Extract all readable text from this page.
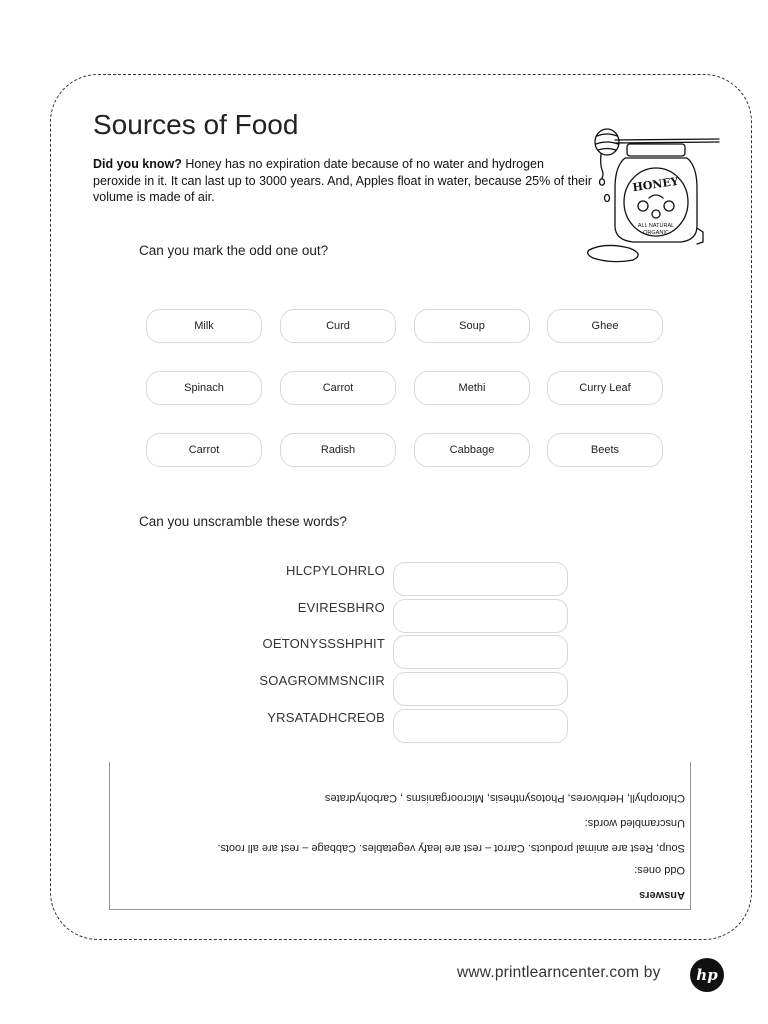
Sources of Food

Did you know? Honey has no expiration date because of no water and hydrogen peroxide in it. It can last up to 3000 years. And, Apples float in water, because 25% of their volume is made of air.

HONEY
ALL NATURAL
ORGANIC
Can you mark the odd one out?
Milk	Curd	Soup	Ghee
Spinach	Carrot	Methi	Curry Leaf
Carrot	Radish	Cabbage	Beets
Can you unscramble these words?
HLCPYLOHRLO
EVIRESBHRO
OETONYSSSHPHIT
SOAGROMMSNCIIR
YRSATADHCREOB
Answers
Odd ones:
Soup, Rest are animal products. Carrot – rest are leafy vegetables. Cabbage – rest are all roots.
Unscrambled words:
Chlorophyll, Herbivores, Photosynthesis, Microorganisms , Carbohydrates
www.printlearncenter.com by	hp
